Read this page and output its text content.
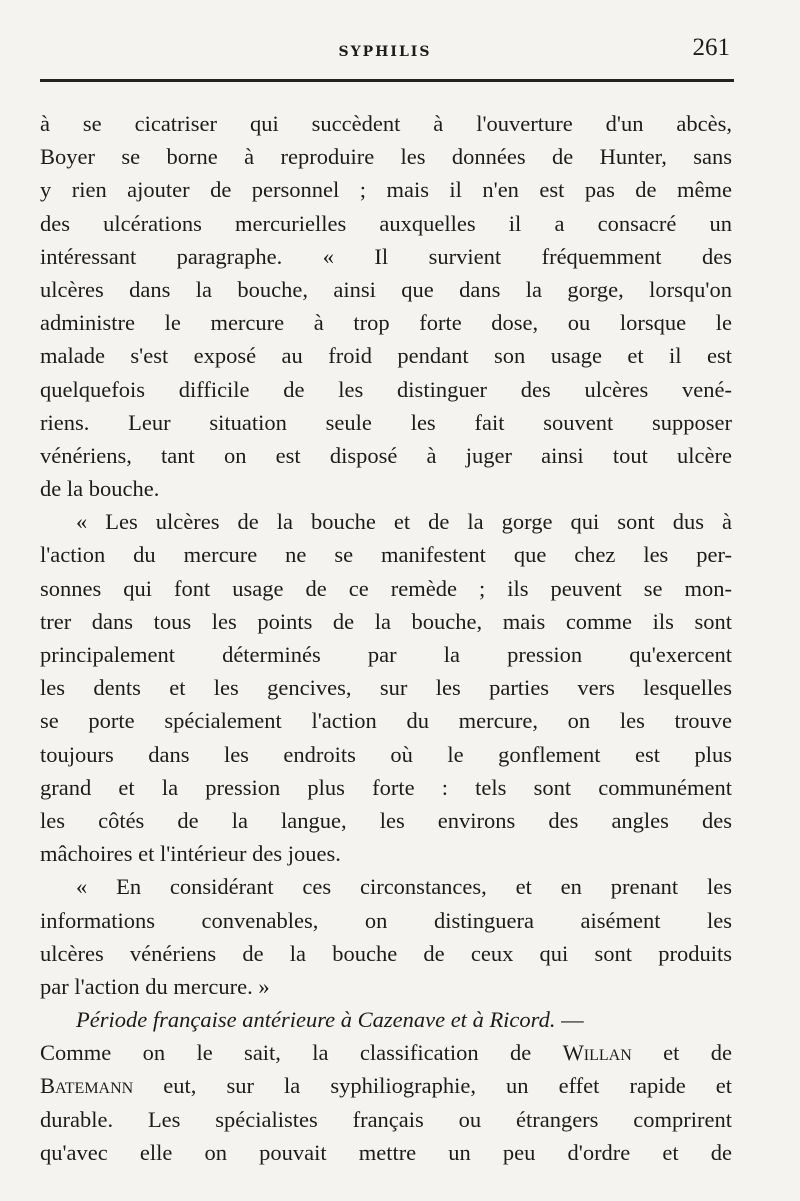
SYPHILIS	261
à se cicatriser qui succèdent à l'ouverture d'un abcès,
Boyer se borne à reproduire les données de Hunter, sans
y rien ajouter de personnel ; mais il n'en est pas de même
des ulcérations mercurielles auxquelles il a consacré un
intéressant paragraphe. « Il survient fréquemment des
ulcères dans la bouche, ainsi que dans la gorge, lorsqu'on
administre le mercure à trop forte dose, ou lorsque le
malade s'est exposé au froid pendant son usage et il est
quelquefois difficile de les distinguer des ulcères vené-
riens. Leur situation seule les fait souvent supposer
vénériens, tant on est disposé à juger ainsi tout ulcère
de la bouche.
« Les ulcères de la bouche et de la gorge qui sont dus à
l'action du mercure ne se manifestent que chez les per-
sonnes qui font usage de ce remède ; ils peuvent se mon-
trer dans tous les points de la bouche, mais comme ils sont
principalement déterminés par la pression qu'exercent
les dents et les gencives, sur les parties vers lesquelles
se porte spécialement l'action du mercure, on les trouve
toujours dans les endroits où le gonflement est plus
grand et la pression plus forte : tels sont communément
les côtés de la langue, les environs des angles des
mâchoires et l'intérieur des joues.
« En considérant ces circonstances, et en prenant les
informations convenables, on distinguera aisément les
ulcères vénériens de la bouche de ceux qui sont produits
par l'action du mercure. »
Période française antérieure à Cazenave et à Ricord. —
Comme on le sait, la classification de Willan et de
Batemann eut, sur la syphiliographie, un effet rapide et
durable. Les spécialistes français ou étrangers comprirent
qu'avec elle on pouvait mettre un peu d'ordre et de
